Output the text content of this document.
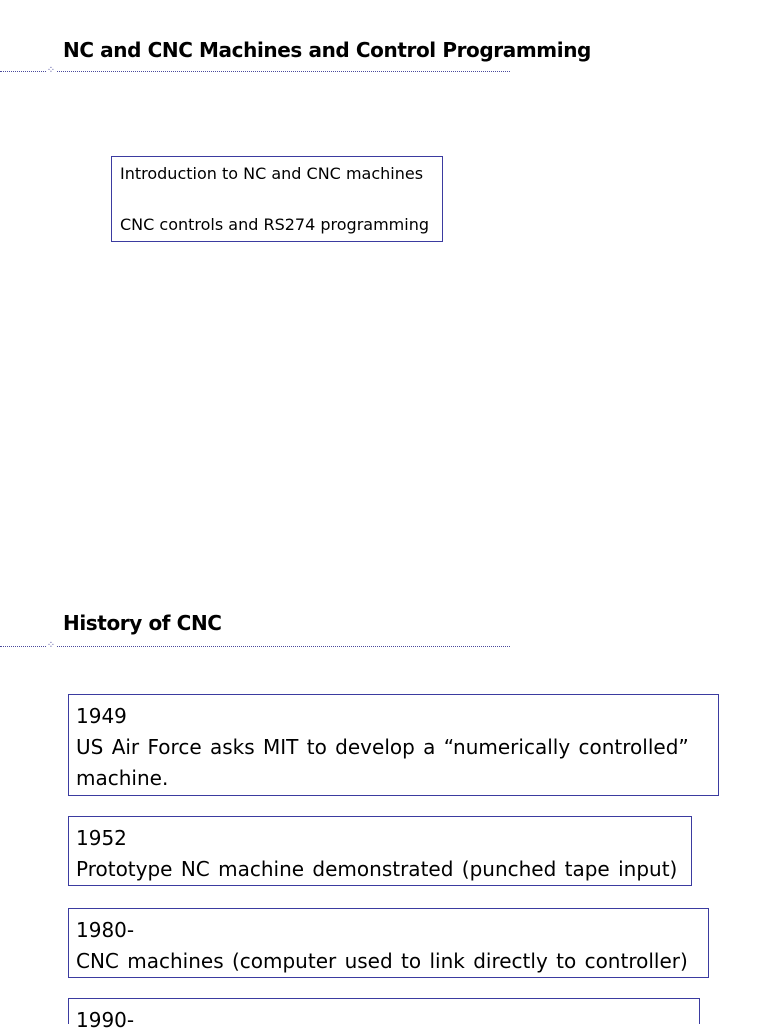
NC and CNC Machines and Control Programming
⁘
Introduction to NC and CNC machines
CNC controls and RS274 programming
History of CNC
⁘
1949
US Air Force asks MIT to develop a “numerically controlled” machine.
1952
Prototype NC machine demonstrated (punched tape input)
1980-
CNC machines (computer used to link directly to controller)
1990-
